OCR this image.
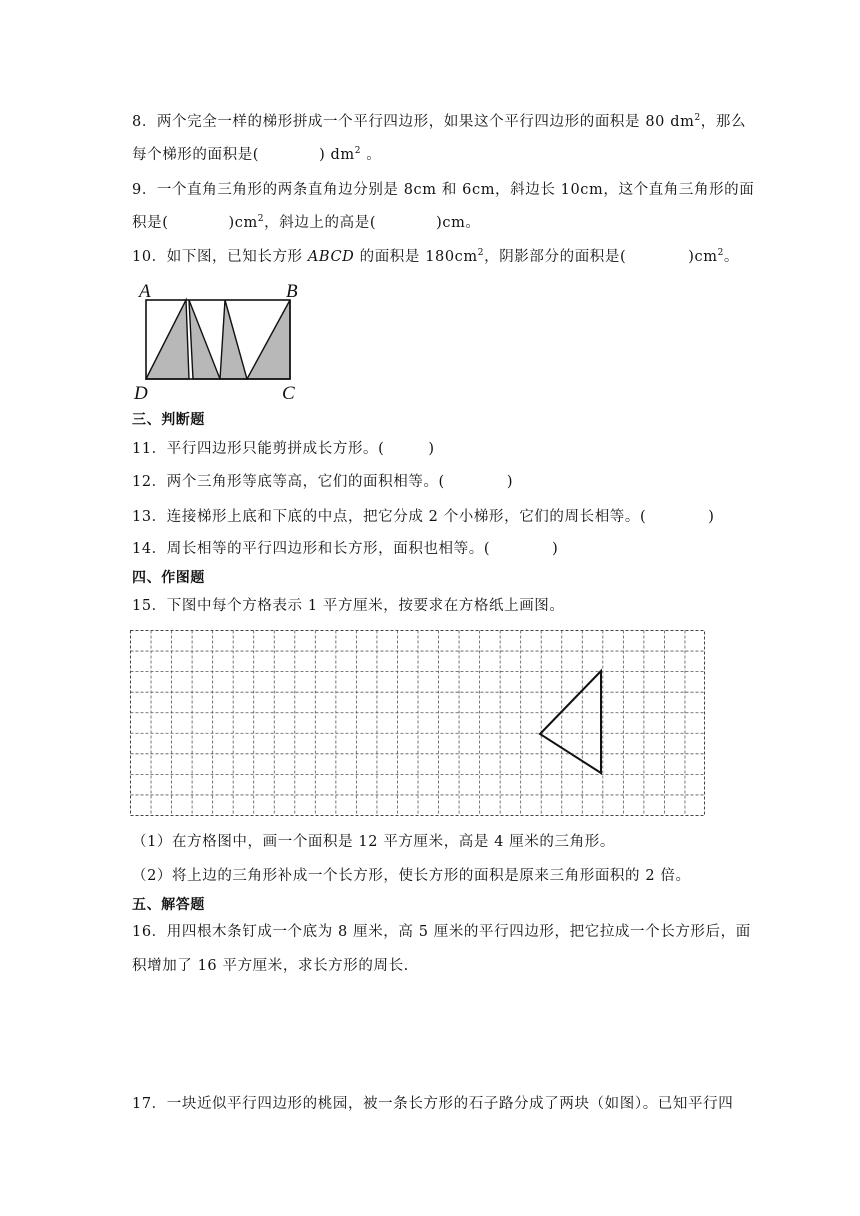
8．两个完全一样的梯形拼成一个平行四边形，如果这个平行四边形的面积是 80 $dm^2$，那么
每个梯形的面积是(	) $dm^2$ 。
9．一个直角三角形的两条直角边分别是 8cm 和 6cm，斜边长 10cm，这个直角三角形的面
积是(	)$cm^2$，斜边上的高是(	)cm。
10．如下图，已知长方形 ABCD 的面积是 $180cm^2$，阴影部分的面积是(	)$cm^2$。
A	B
D	C
三、判断题
11．平行四边形只能剪拼成长方形。(	)
12．两个三角形等底等高，它们的面积相等。(	)
13．连接梯形上底和下底的中点，把它分成 2 个小梯形，它们的周长相等。(	)
14．周长相等的平行四边形和长方形，面积也相等。(	)
四、作图题
15．下图中每个方格表示 1 平方厘米，按要求在方格纸上画图。
（1）在方格图中，画一个面积是 12 平方厘米，高是 4 厘米的三角形。
（2）将上边的三角形补成一个长方形，使长方形的面积是原来三角形面积的 2 倍。
五、解答题
16．用四根木条钉成一个底为 8 厘米，高 5 厘米的平行四边形，把它拉成一个长方形后，面
积增加了 16 平方厘米，求长方形的周长.
17．一块近似平行四边形的桃园，被一条长方形的石子路分成了两块（如图）。已知平行四
